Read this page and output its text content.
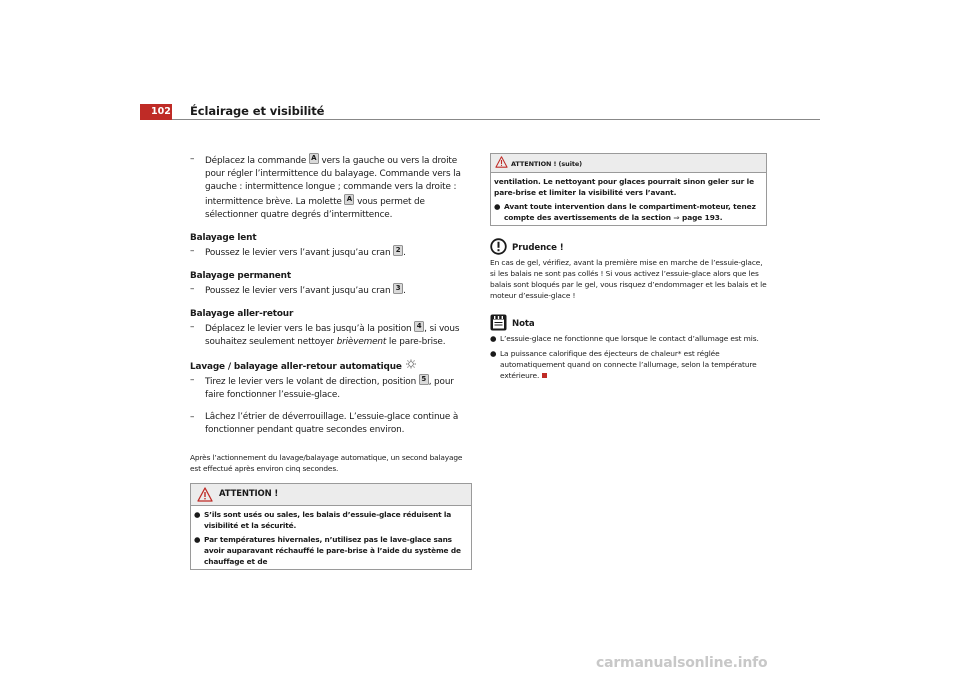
102 Éclairage et visibilité
– Déplacez la commande A vers la gauche ou vers la droite pour régler l’intermittence du balayage. Commande vers la gauche : intermittence longue ; commande vers la droite : intermittence brève. La molette A vous permet de sélectionner quatre degrés d’intermittence.
Balayage lent
– Poussez le levier vers l’avant jusqu’au cran 2 .
Balayage permanent
– Poussez le levier vers l’avant jusqu’au cran 3 .
Balayage aller-retour
– Déplacez le levier vers le bas jusqu’à la position 4 , si vous souhaitez seulement nettoyer brièvement le pare-brise.
Lavage / balayage aller-retour automatique
– Tirez le levier vers le volant de direction, position 5 , pour faire fonctionner l’essuie-glace.
– Lâchez l’étrier de déverrouillage. L’essuie-glace continue à fonctionner pendant quatre secondes environ.
Après l’actionnement du lavage/balayage automatique, un second balayage est effectué après environ cinq secondes.
ATTENTION !
● S’ils sont usés ou sales, les balais d’essuie-glace réduisent la visibilité et la sécurité.
● Par températures hivernales, n’utilisez pas le lave-glace sans avoir auparavant réchauffé le pare-brise à l’aide du système de chauffage et de
ATTENTION ! (suite)
ventilation. Le nettoyant pour glaces pourrait sinon geler sur le pare-brise et limiter la visibilité vers l’avant.
● Avant toute intervention dans le compartiment-moteur, tenez compte des avertissements de la section ⇒ page 193.
Prudence !
En cas de gel, vérifiez, avant la première mise en marche de l’essuie-glace, si les balais ne sont pas collés ! Si vous activez l’essuie-glace alors que les balais sont bloqués par le gel, vous risquez d’endommager et les balais et le moteur d’essuie-glace !
Nota
● L’essuie-glace ne fonctionne que lorsque le contact d’allumage est mis.
● La puissance calorifique des éjecteurs de chaleur* est réglée automatiquement quand on connecte l’allumage, selon la température extérieure.
carmanualsonline.info
